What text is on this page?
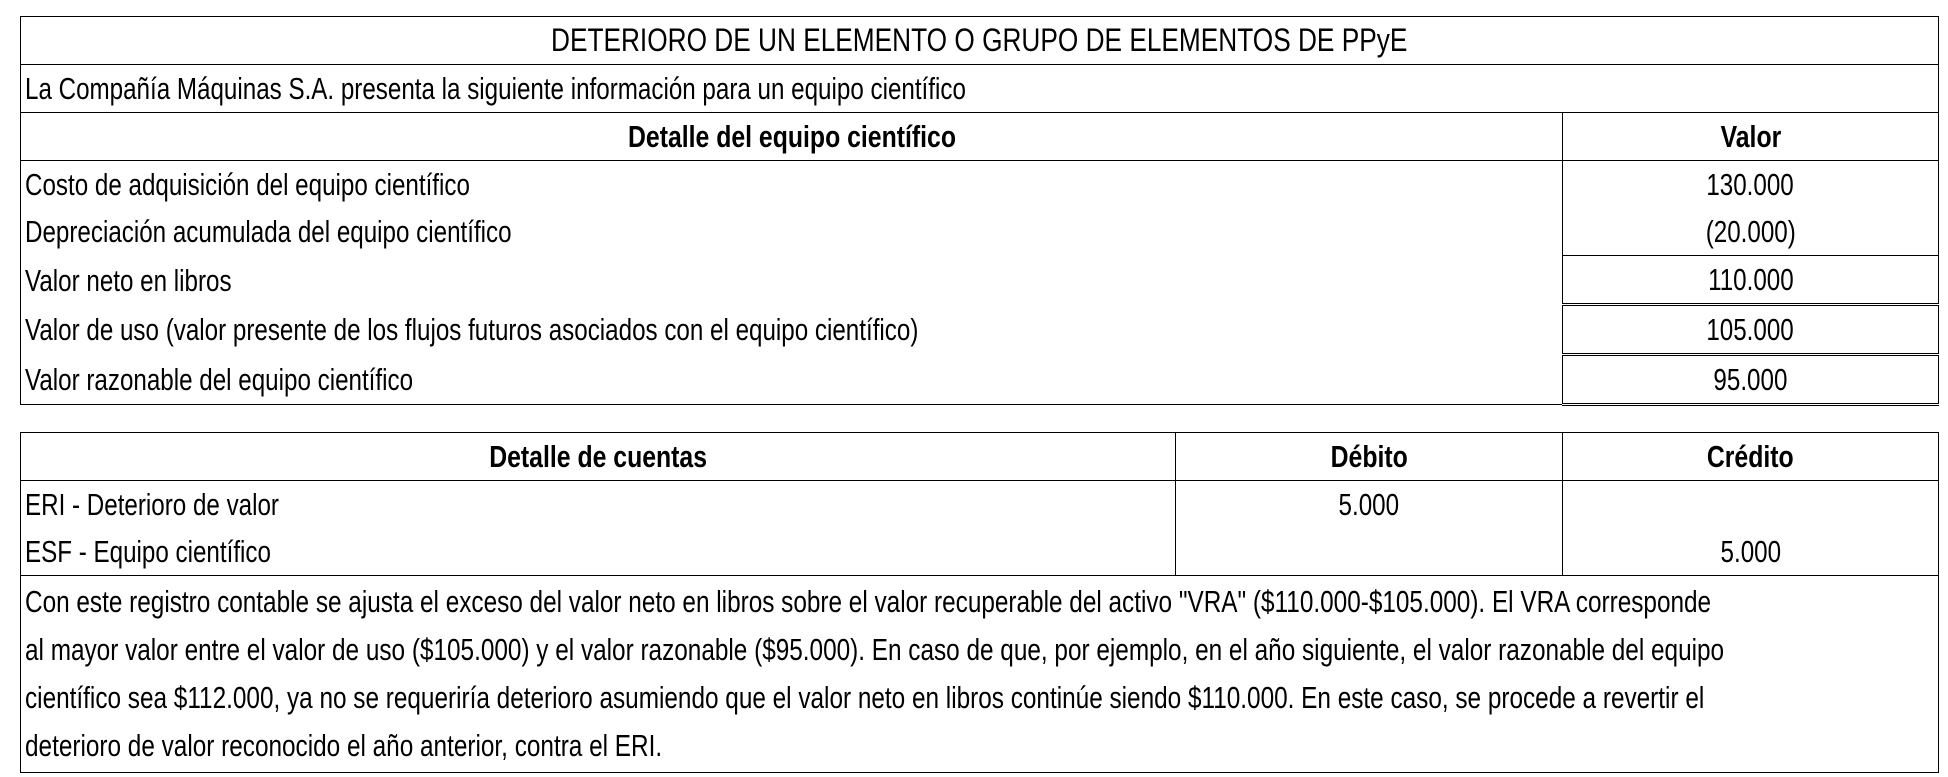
DETERIORO DE UN ELEMENTO O GRUPO DE ELEMENTOS DE PPyE	
La Compañía Máquinas S.A. presenta la siguiente información para un equipo científico	
Detalle del equipo científico	Valor
Costo de adquisición del equipo científico	130.000
Depreciación acumulada del equipo científico	(20.000)
Valor neto en libros	110.000
Valor de uso (valor presente de los flujos futuros asociados con el equipo científico)	105.000
Valor razonable del equipo científico	95.000
Detalle de cuentas	Débito	Crédito
ERI - Deterioro de valor	5.000	
ESF - Equipo científico		5.000

Con este registro contable se ajusta el exceso del valor neto en libros sobre el valor recuperable del activo "VRA" ($110.000-$105.000). El VRA corresponde
al mayor valor entre el valor de uso ($105.000) y el valor razonable ($95.000). En caso de que, por ejemplo, en el año siguiente, el valor razonable del equipo
científico sea $112.000, ya no se requeriría deterioro asumiendo que el valor neto en libros continúe siendo $110.000. En este caso, se procede a revertir el
deterioro de valor reconocido el año anterior, contra el ERI.		
